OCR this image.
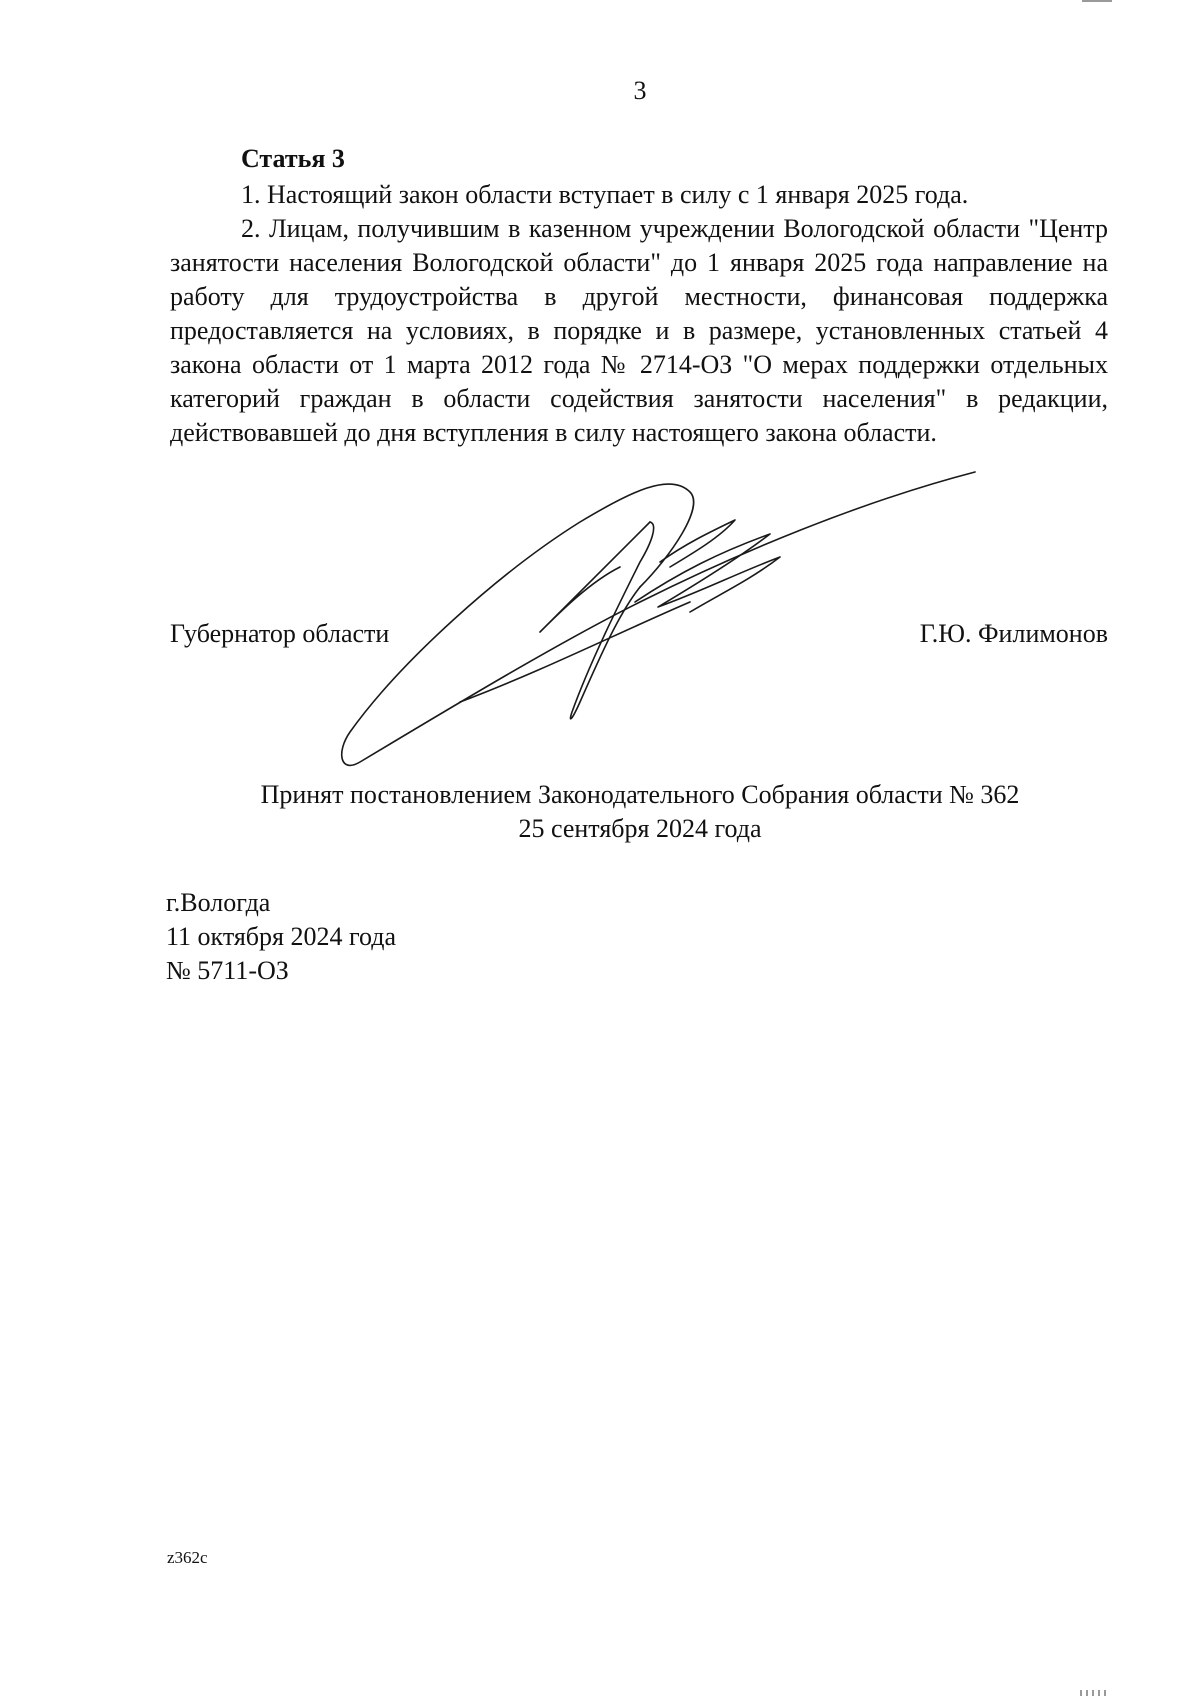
3
Статья 3
1. Настоящий закон области вступает в силу с 1 января 2025 года.
2. Лицам, получившим в казенном учреждении Вологодской области "Центр занятости населения Вологодской области" до 1 января 2025 года направление на работу для трудоустройства в другой местности, финансовая поддержка предоставляется на условиях, в порядке и в размере, установленных статьей 4 закона области от 1 марта 2012 года № 2714-ОЗ "О мерах поддержки отдельных категорий граждан в области содействия занятости населения" в редакции, действовавшей до дня вступления в силу настоящего закона области.
Губернатор области	Г.Ю. Филимонов
Принят постановлением Законодательного Собрания области № 362
25 сентября 2024 года
г.Вологда
11 октября 2024 года
№ 5711-ОЗ
z362c
